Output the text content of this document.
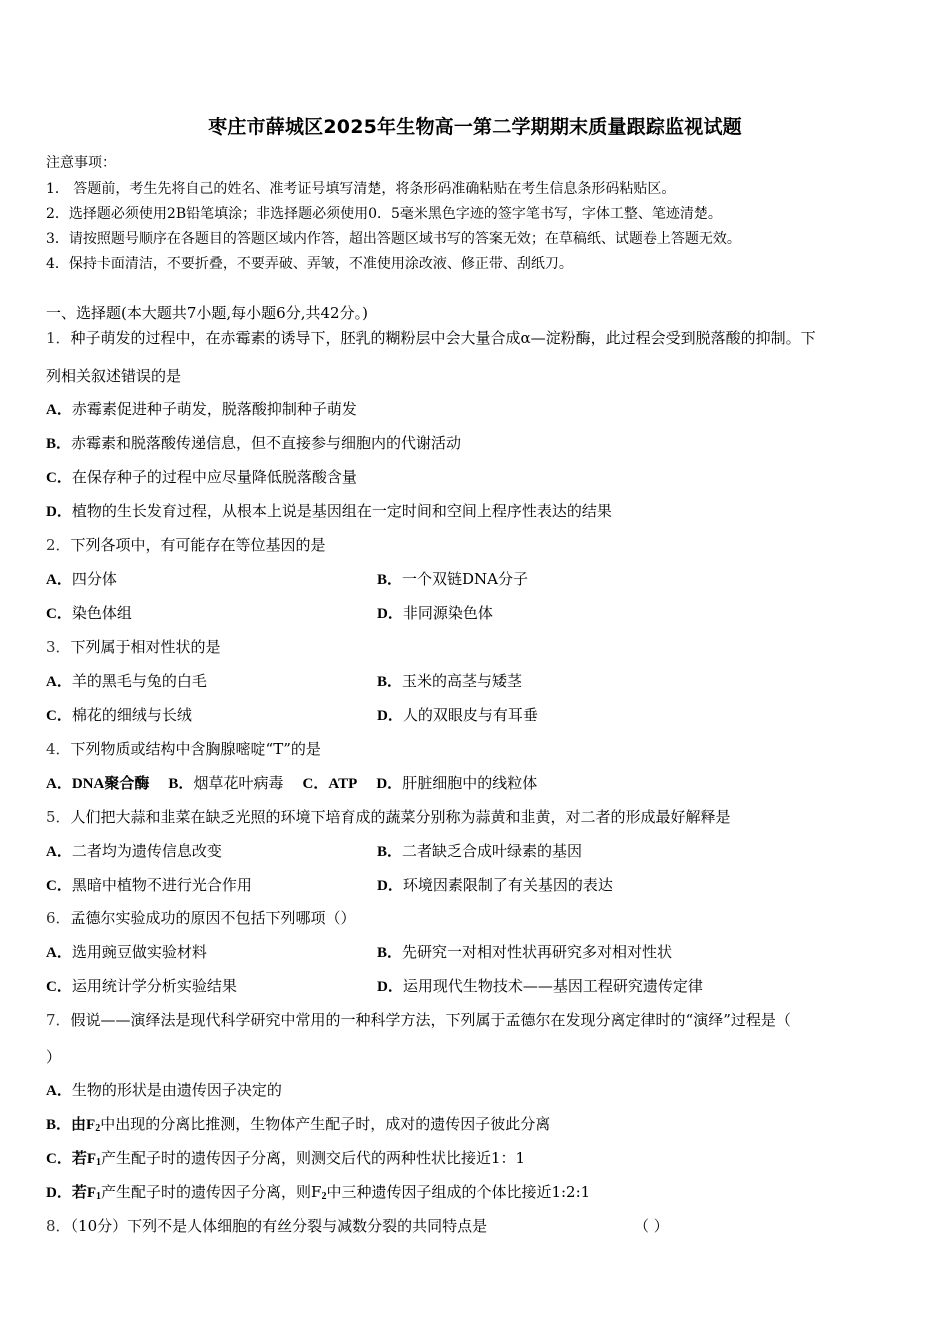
枣庄市薛城区2025年生物高一第二学期期末质量跟踪监视试题
注意事项：
1． 答题前，考生先将自己的姓名、准考证号填写清楚，将条形码准确粘贴在考生信息条形码粘贴区。
2．选择题必须使用2B铅笔填涂；非选择题必须使用0．5毫米黑色字迹的签字笔书写，字体工整、笔迹清楚。
3．请按照题号顺序在各题目的答题区域内作答，超出答题区域书写的答案无效；在草稿纸、试题卷上答题无效。
4．保持卡面清洁，不要折叠，不要弄破、弄皱，不准使用涂改液、修正带、刮纸刀。
一、选择题(本大题共7小题,每小题6分,共42分。)
1．种子萌发的过程中，在赤霉素的诱导下，胚乳的糊粉层中会大量合成α—淀粉酶，此过程会受到脱落酸的抑制。下
列相关叙述错误的是
A．赤霉素促进种子萌发，脱落酸抑制种子萌发
B．赤霉素和脱落酸传递信息，但不直接参与细胞内的代谢活动
C．在保存种子的过程中应尽量降低脱落酸含量
D．植物的生长发育过程，从根本上说是基因组在一定时间和空间上程序性表达的结果
2．下列各项中，有可能存在等位基因的是
A．四分体	B．一个双链DNA分子
C．染色体组	D．非同源染色体
3．下列属于相对性状的是
A．羊的黑毛与兔的白毛	B．玉米的高茎与矮茎
C．棉花的细绒与长绒	D．人的双眼皮与有耳垂
4．下列物质或结构中含胸腺嘧啶“T”的是
A．DNA聚合酶 B．烟草花叶病毒 C．ATP D．肝脏细胞中的线粒体
5．人们把大蒜和韭菜在缺乏光照的环境下培育成的蔬菜分别称为蒜黄和韭黄，对二者的形成最好解释是
A．二者均为遗传信息改变	B．二者缺乏合成叶绿素的基因
C．黑暗中植物不进行光合作用	D．环境因素限制了有关基因的表达
6．孟德尔实验成功的原因不包括下列哪项（）
A．选用豌豆做实验材料	B．先研究一对相对性状再研究多对相对性状
C．运用统计学分析实验结果	D．运用现代生物技术——基因工程研究遗传定律
7．假说——演绎法是现代科学研究中常用的一种科学方法，下列属于孟德尔在发现分离定律时的“演绎”过程是（
）
A．生物的形状是由遗传因子决定的
B．由$F_2$中出现的分离比推测，生物体产生配子时，成对的遗传因子彼此分离
C．若$F_1$产生配子时的遗传因子分离，则测交后代的两种性状比接近1：1
D．若$F_1$产生配子时的遗传因子分离，则$F_2$中三种遗传因子组成的个体比接近1:2:1
8．（10分）下列不是人体细胞的有丝分裂与减数分裂的共同特点是	（ ）
